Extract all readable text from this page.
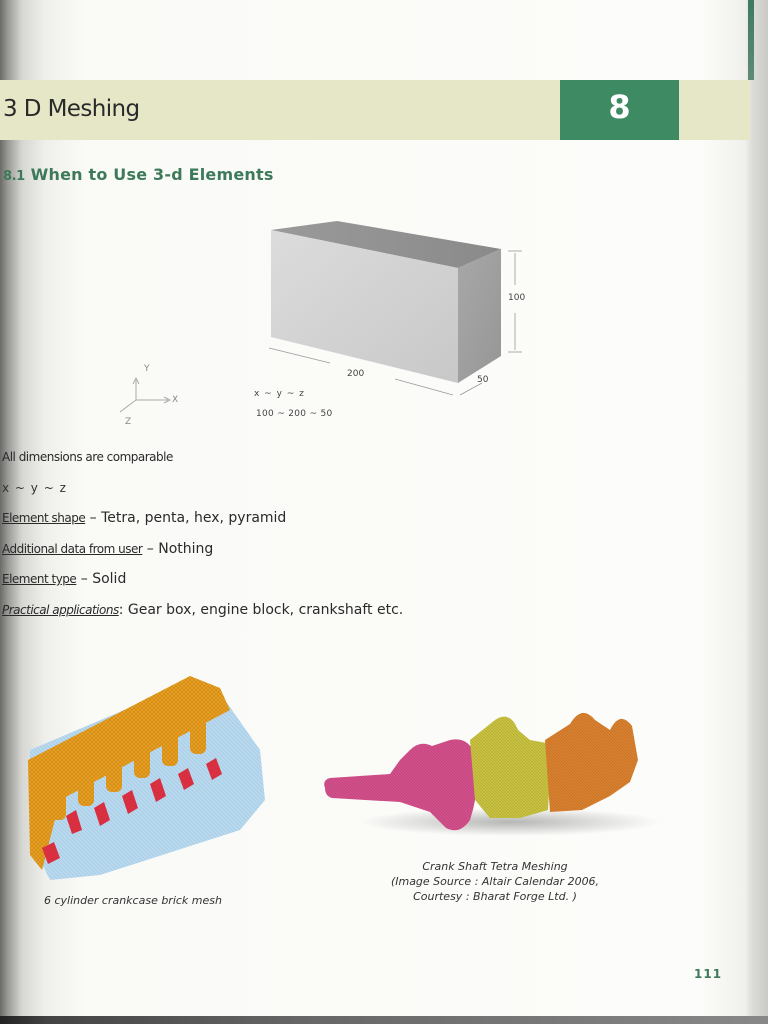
3 D Meshing	8
8.1 When to Use 3-d Elements
100
200
50
Y
X
Z
x ~ y ~ z
100 ~ 200 ~ 50
All dimensions are comparable
x ~ y ~ z
Element shape – Tetra, penta, hex, pyramid
Additional data from user – Nothing
Element type – Solid
Practical applications: Gear box, engine block, crankshaft etc.
6 cylinder crankcase brick mesh
Crank Shaft Tetra Meshing
(Image Source : Altair Calendar 2006,
Courtesy : Bharat Forge Ltd. )
111
